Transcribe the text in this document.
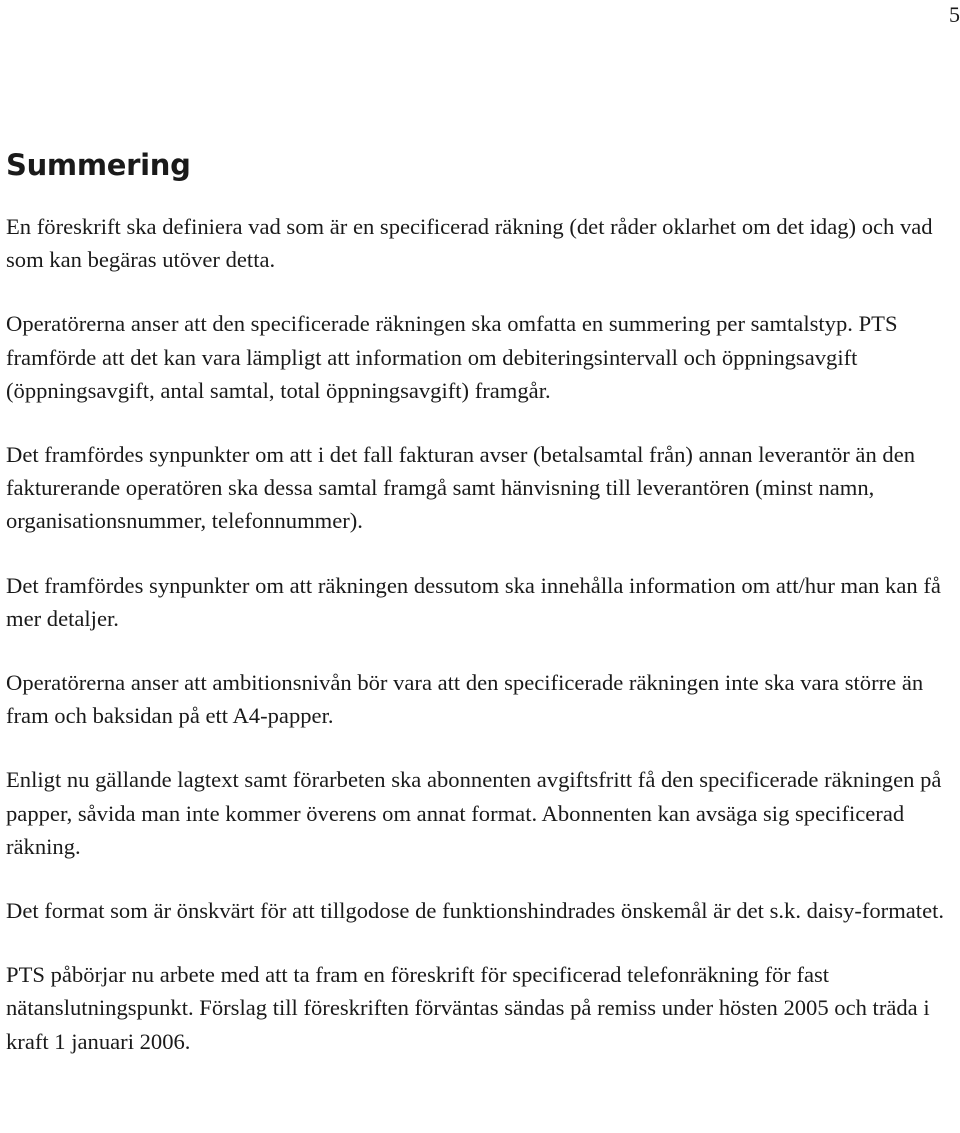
5
Summering

En föreskrift ska definiera vad som är en specificerad räkning (det råder oklarhet om det idag) och vad som kan begäras utöver detta.

Operatörerna anser att den specificerade räkningen ska omfatta en summering per samtalstyp. PTS framförde att det kan vara lämpligt att information om debiteringsintervall och öppningsavgift (öppningsavgift, antal samtal, total öppningsavgift) framgår.

Det framfördes synpunkter om att i det fall fakturan avser (betalsamtal från) annan leverantör än den fakturerande operatören ska dessa samtal framgå samt hänvisning till leverantören (minst namn, organisationsnummer, telefonnummer).

Det framfördes synpunkter om att räkningen dessutom ska innehålla information om att/hur man kan få mer detaljer.

Operatörerna anser att ambitionsnivån bör vara att den specificerade räkningen inte ska vara större än fram och baksidan på ett A4-papper.

Enligt nu gällande lagtext samt förarbeten ska abonnenten avgiftsfritt få den specificerade räkningen på papper, såvida man inte kommer överens om annat format. Abonnenten kan avsäga sig specificerad räkning.

Det format som är önskvärt för att tillgodose de funktionshindrades önskemål är det s.k. daisy-formatet.

PTS påbörjar nu arbete med att ta fram en föreskrift för specificerad telefonräkning för fast nätanslutningspunkt. Förslag till föreskriften förväntas sändas på remiss under hösten 2005 och träda i kraft 1 januari 2006.
